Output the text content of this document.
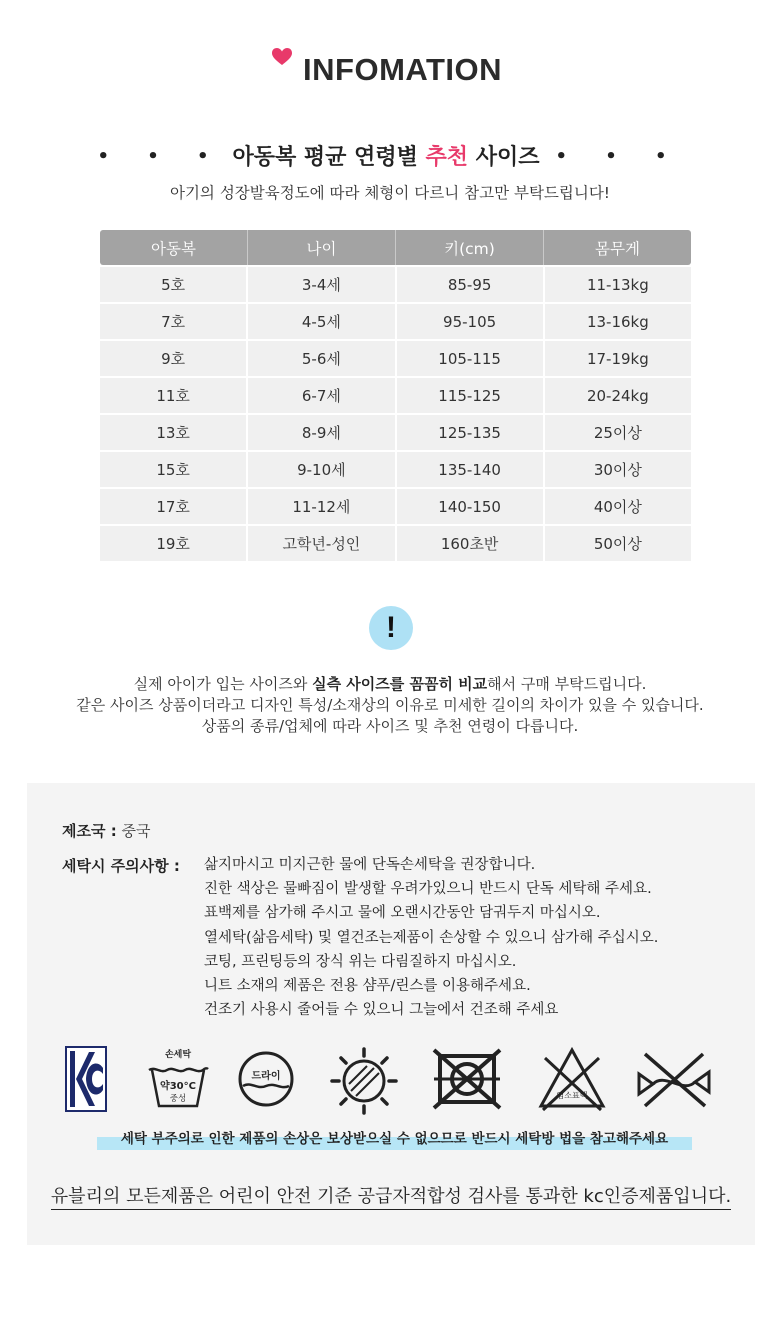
INFOMATION
• • • 아동복 평균 연령별 추천 사이즈 • • •
아기의 성장발육정도에 따라 체형이 다르니 참고만 부탁드립니다!
아동복	나이	키(cm)	몸무게
5호	3-4세	85-95	11-13kg
7호	4-5세	95-105	13-16kg
9호	5-6세	105-115	17-19kg
11호	6-7세	115-125	20-24kg
13호	8-9세	125-135	25이상
15호	9-10세	135-140	30이상
17호	11-12세	140-150	40이상
19호	고학년-성인	160초반	50이상
!
실제 아이가 입는 사이즈와 실측 사이즈를 꼼꼼히 비교해서 구매 부탁드립니다.
같은 사이즈 상품이더라고 디자인 특성/소재상의 이유로 미세한 길이의 차이가 있을 수 있습니다.
상품의 종류/업체에 따라 사이즈 및 추천 연령이 다릅니다.
제조국 : 중국
세탁시 주의사항 : 삶지마시고 미지근한 물에 단독손세탁을 권장합니다.
진한 색상은 물빠짐이 발생할 우려가있으니 반드시 단독 세탁해 주세요.
표백제를 삼가해 주시고 물에 오랜시간동안 담궈두지 마십시오.
열세탁(삶음세탁) 및 열건조는제품이 손상할 수 있으니 삼가해 주십시오.
코팅, 프린팅등의 장식 위는 다림질하지 마십시오.
니트 소재의 제품은 전용 샴푸/린스를 이용해주세요.
건조기 사용시 줄어들 수 있으니 그늘에서 건조해 주세요
손세탁
약30°C
중성
드라이
염소표백
세탁 부주의로 인한 제품의 손상은 보상받으실 수 없으므로 반드시 세탁방 법을 참고해주세요
유블리의 모든제품은 어린이 안전 기준 공급자적합성 검사를 통과한 kc인증제품입니다.
